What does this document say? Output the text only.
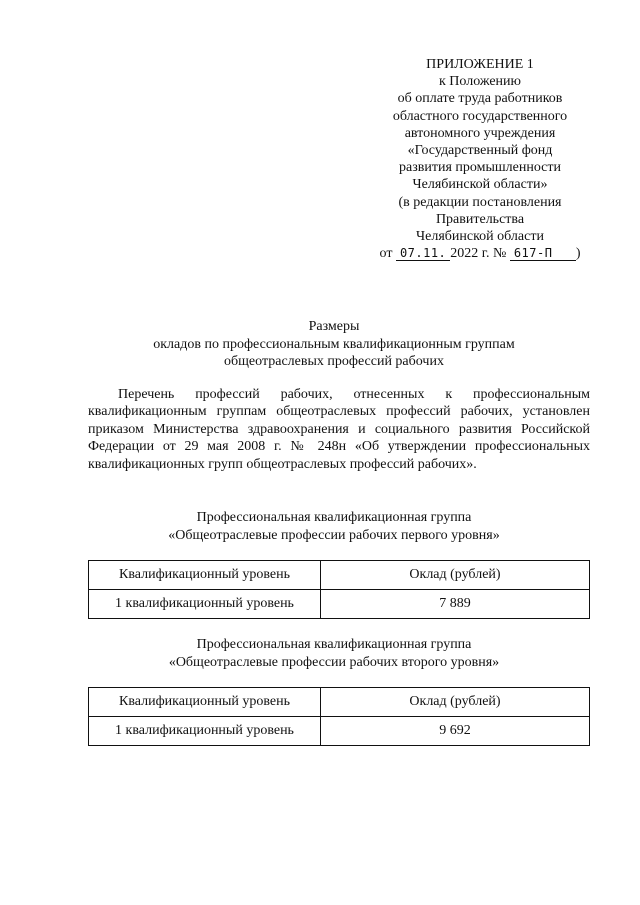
ПРИЛОЖЕНИЕ 1
к Положению
об оплате труда работников
областного государственного
автономного учреждения
«Государственный фонд
развития промышленности
Челябинской области»
(в редакции постановления
Правительства
Челябинской области
от 07.11. 2022 г. № 617-П )
Размеры
окладов по профессиональным квалификационным группам
общеотраслевых профессий рабочих

Перечень профессий рабочих, отнесенных к профессиональным квалификационным группам общеотраслевых профессий рабочих, установлен приказом Министерства здравоохранения и социального развития Российской Федерации от 29 мая 2008 г. № 248н «Об утверждении профессиональных квалификационных групп общеотраслевых профессий рабочих».

Профессиональная квалификационная группа
«Общеотраслевые профессии рабочих первого уровня»
Квалификационный уровень	Оклад (рублей)
1 квалификационный уровень	7 889
Профессиональная квалификационная группа
«Общеотраслевые профессии рабочих второго уровня»
Квалификационный уровень	Оклад (рублей)
1 квалификационный уровень	9 692
